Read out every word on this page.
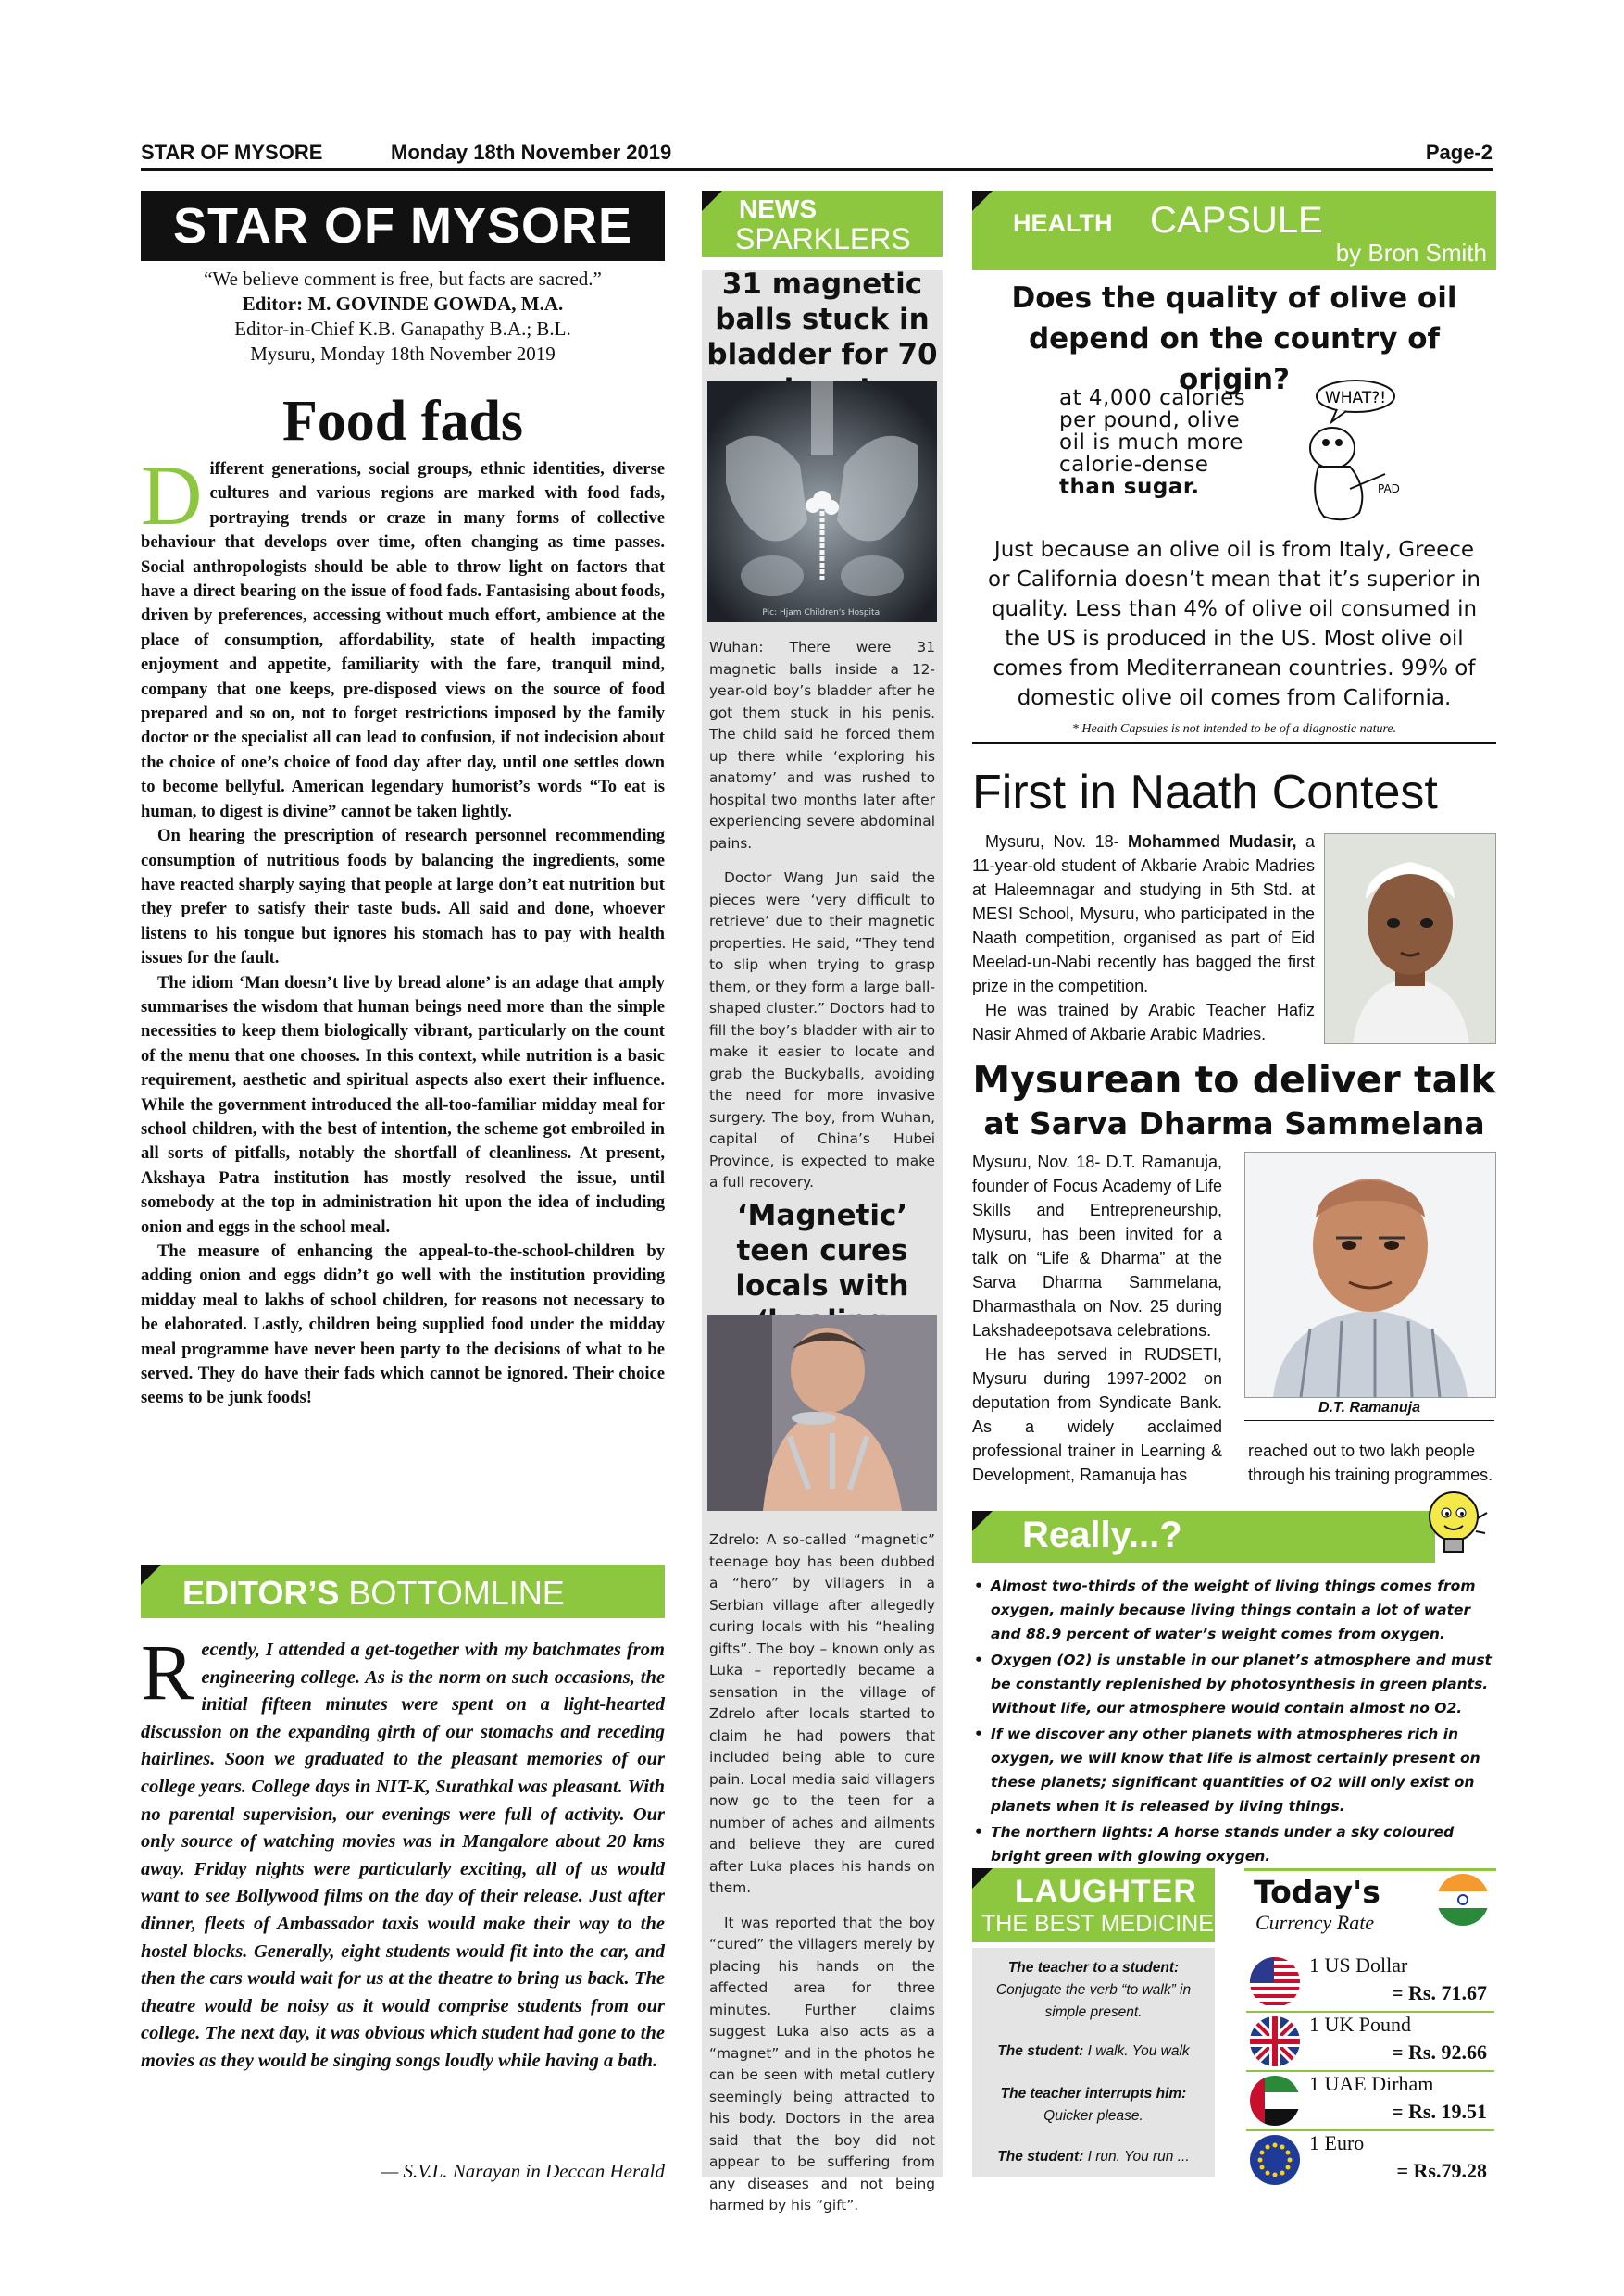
STAR OF MYSORE	Monday 18th November 2019	Page-2
STAR OF MYSORE
“We believe comment is free, but facts are sacred.”
Editor: M. GOVINDE GOWDA, M.A.
Editor-in-Chief K.B. Ganapathy B.A.; B.L.
Mysuru, Monday 18th November 2019
Food fads

Different generations, social groups, ethnic identities, diverse cultures and various regions are marked with food fads, portraying trends or craze in many forms of collective behaviour that develops over time, often changing as time passes. Social anthropologists should be able to throw light on factors that have a direct bearing on the issue of food fads. Fantasising about foods, driven by preferences, accessing without much effort, ambience at the place of consumption, affordability, state of health impacting enjoyment and appetite, familiarity with the fare, tranquil mind, company that one keeps, pre-disposed views on the source of food prepared and so on, not to forget restrictions imposed by the family doctor or the specialist all can lead to confusion, if not indecision about the choice of one’s choice of food day after day, until one settles down to become bellyful. American legendary humorist’s words “To eat is human, to digest is divine” cannot be taken lightly.

On hearing the prescription of research personnel recommending consumption of nutritious foods by balancing the ingredients, some have reacted sharply saying that people at large don’t eat nutrition but they prefer to satisfy their taste buds. All said and done, whoever listens to his tongue but ignores his stomach has to pay with health issues for the fault.

The idiom ‘Man doesn’t live by bread alone’ is an adage that amply summarises the wisdom that human beings need more than the simple necessities to keep them biologically vibrant, particularly on the count of the menu that one chooses. In this context, while nutrition is a basic requirement, aesthetic and spiritual aspects also exert their influence. While the government introduced the all-too-familiar midday meal for school children, with the best of intention, the scheme got embroiled in all sorts of pitfalls, notably the shortfall of cleanliness. At present, Akshaya Patra institution has mostly resolved the issue, until somebody at the top in administration hit upon the idea of including onion and eggs in the school meal.

The measure of enhancing the appeal-to-the-school-children by adding onion and eggs didn’t go well with the institution providing midday meal to lakhs of school children, for reasons not necessary to be elaborated. Lastly, children being supplied food under the midday meal programme have never been party to the decisions of what to be served. They do have their fads which cannot be ignored. Their choice seems to be junk foods!

EDITOR’S BOTTOMLINE
Recently, I attended a get-together with my batchmates from engineering college. As is the norm on such occasions, the initial fifteen minutes were spent on a light-hearted discussion on the expanding girth of our stomachs and receding hairlines. Soon we graduated to the pleasant memories of our college years. College days in NIT-K, Surathkal was pleasant. With no parental supervision, our evenings were full of activity. Our only source of watching movies was in Mangalore about 20 kms away. Friday nights were particularly exciting, all of us would want to see Bollywood films on the day of their release. Just after dinner, fleets of Ambassador taxis would make their way to the hostel blocks. Generally, eight students would fit into the car, and then the cars would wait for us at the theatre to bring us back. The theatre would be noisy as it would comprise students from our college. The next day, it was obvious which student had gone to the movies as they would be singing songs loudly while having a bath.
— S.V.L. Narayan in Deccan Herald
NEWS
SPARKLERS
31 magnetic balls stuck in bladder for 70
Pic: Hjam Children's Hospital

Wuhan: There were 31 magnetic balls inside a 12-year-old boy’s bladder after he got them stuck in his penis. The child said he forced them up there while ‘exploring his anatomy’ and was rushed to hospital two months later after experiencing severe abdominal pains.

Doctor Wang Jun said the pieces were ‘very difficult to retrieve’ due to their magnetic properties. He said, “They tend to slip when trying to grasp them, or they form a large ball-shaped cluster.” Doctors had to fill the boy’s bladder with air to make it easier to locate and grab the Buckyballs, avoiding the need for more invasive surgery. The boy, from Wuhan, capital of China’s Hubei Province, is expected to make a full recovery.

‘Magnetic’ teen cures locals with

Zdrelo: A so-called “magnetic” teenage boy has been dubbed a “hero” by villagers in a Serbian village after allegedly curing locals with his “healing gifts”. The boy – known only as Luka – reportedly became a sensation in the village of Zdrelo after locals started to claim he had powers that included being able to cure pain. Local media said villagers now go to the teen for a number of aches and ailments and believe they are cured after Luka places his hands on them.

It was reported that the boy “cured” the villagers merely by placing his hands on the affected area for three minutes. Further claims suggest Luka also acts as a “magnet” and in the photos he can be seen with metal cutlery seemingly being attracted to his body. Doctors in the area said that the boy did not appear to be suffering from any diseases and not being harmed by his “gift”.

HEALTH CAPSULE
by Bron Smith
Does the quality of olive oil depend on the country of origin?
at 4,000 calories
per pound, olive
oil is much more
calorie-dense
than sugar.
WHAT?!
PAD
Just because an olive oil is from Italy, Greece or California doesn’t mean that it’s superior in quality. Less than 4% of olive oil consumed in the US is produced in the US. Most olive oil comes from Mediterranean countries. 99% of domestic olive oil comes from California.
* Health Capsules is not intended to be of a diagnostic nature.
First in Naath Contest

Mysuru, Nov. 18- Mohammed Mudasir, a 11-year-old student of Akbarie Arabic Madries at Haleemnagar and studying in 5th Std. at MESI School, Mysuru, who participated in the Naath competition, organised as part of Eid Meelad-un-Nabi recently has bagged the first prize in the competition.

He was trained by Arabic Teacher Hafiz Nasir Ahmed of Akbarie Arabic Madries.

Mysurean to deliver talk
at Sarva Dharma Sammelana

Mysuru, Nov. 18- D.T. Ramanuja, founder of Focus Academy of Life Skills and Entrepreneurship, Mysuru, has been invited for a talk on “Life & Dharma” at the Sarva Dharma Sammelana, Dharmasthala on Nov. 25 during Lakshadeepotsava celebrations.

He has served in RUDSETI, Mysuru during 1997-2002 on deputation from Syndicate Bank. As a widely acclaimed professional trainer in Learning & Development, Ramanuja has

D.T. Ramanuja
reached out to two lakh people through his training programmes.
Really...?
• Almost two-thirds of the weight of living things comes from oxygen, mainly because living things contain a lot of water and 88.9 percent of water’s weight comes from oxygen.
• Oxygen (O2) is unstable in our planet’s atmosphere and must be constantly replenished by photosynthesis in green plants. Without life, our atmosphere would contain almost no O2.
• If we discover any other planets with atmospheres rich in oxygen, we will know that life is almost certainly present on these planets; significant quantities of O2 will only exist on planets when it is released by living things.
• The northern lights: A horse stands under a sky coloured bright green with glowing oxygen.
LAUGHTER
THE BEST MEDICINE
The teacher to a student:
Conjugate the verb “to walk” in simple present.
The student: I walk. You walk
The teacher interrupts him:
Quicker please.
The student: I run. You run ...
Today's
Currency Rate
1 US Dollar
= Rs. 71.67
1 UK Pound
= Rs. 92.66
1 UAE Dirham
= Rs. 19.51
1 Euro
= Rs.79.28
